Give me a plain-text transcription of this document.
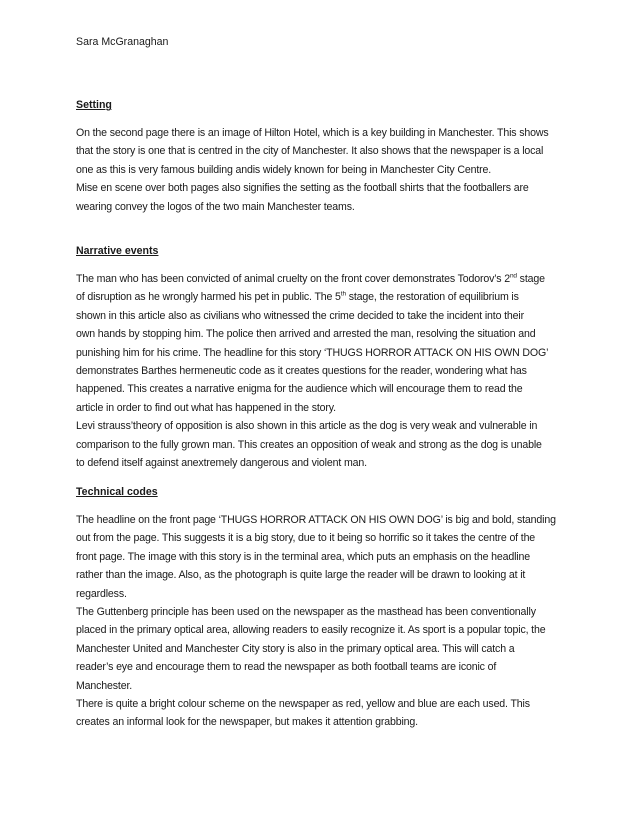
Sara McGranaghan
Setting

On the second page there is an image of Hilton Hotel, which is a key building in Manchester. This shows
that the story is one that is centred in the city of Manchester. It also shows that the newspaper is a local
one as this is very famous building andis widely known for being in Manchester City Centre.

Mise en scene over both pages also signifies the setting as the football shirts that the footballers are
wearing convey the logos of the two main Manchester teams.

Narrative events

The man who has been convicted of animal cruelty on the front cover demonstrates Todorov’s 2nd stage
of disruption as he wrongly harmed his pet in public. The 5th stage, the restoration of equilibrium is
shown in this article also as civilians who witnessed the crime decided to take the incident into their
own hands by stopping him. The police then arrived and arrested the man, resolving the situation and
punishing him for his crime. The headline for this story ‘THUGS HORROR ATTACK ON HIS OWN DOG’
demonstrates Barthes hermeneutic code as it creates questions for the reader, wondering what has
happened. This creates a narrative enigma for the audience which will encourage them to read the
article in order to find out what has happened in the story.

Levi strauss’theory of opposition is also shown in this article as the dog is very weak and vulnerable in
comparison to the fully grown man. This creates an opposition of weak and strong as the dog is unable
to defend itself against anextremely dangerous and violent man.

Technical codes

The headline on the front page ‘THUGS HORROR ATTACK ON HIS OWN DOG’ is big and bold, standing
out from the page. This suggests it is a big story, due to it being so horrific so it takes the centre of the
front page. The image with this story is in the terminal area, which puts an emphasis on the headline
rather than the image. Also, as the photograph is quite large the reader will be drawn to looking at it
regardless.

The Guttenberg principle has been used on the newspaper as the masthead has been conventionally
placed in the primary optical area, allowing readers to easily recognize it. As sport is a popular topic, the
Manchester United and Manchester City story is also in the primary optical area. This will catch a
reader’s eye and encourage them to read the newspaper as both football teams are iconic of
Manchester.

There is quite a bright colour scheme on the newspaper as red, yellow and blue are each used. This
creates an informal look for the newspaper, but makes it attention grabbing.
